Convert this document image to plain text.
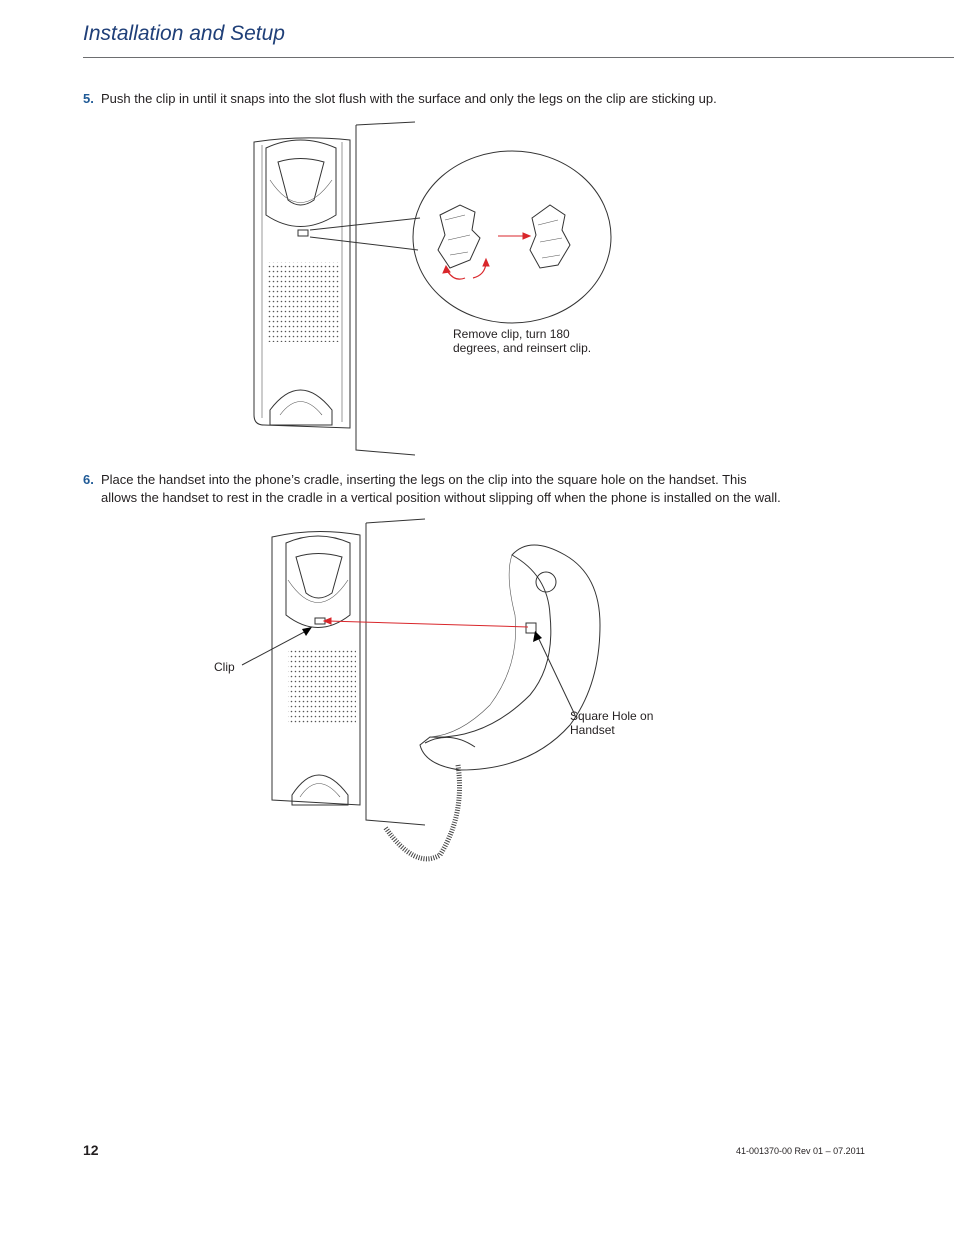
Installation and Setup
5. Push the clip in until it snaps into the slot flush with the surface and only the legs on the clip are sticking up.
Remove clip, turn 180 degrees, and reinsert clip.
6. Place the handset into the phone’s cradle, inserting the legs on the clip into the square hole on the handset. This allows the handset to rest in the cradle in a vertical position without slipping off when the phone is installed on the wall.
Clip
Square Hole on Handset
12	41-001370-00 Rev 01 – 07.2011
